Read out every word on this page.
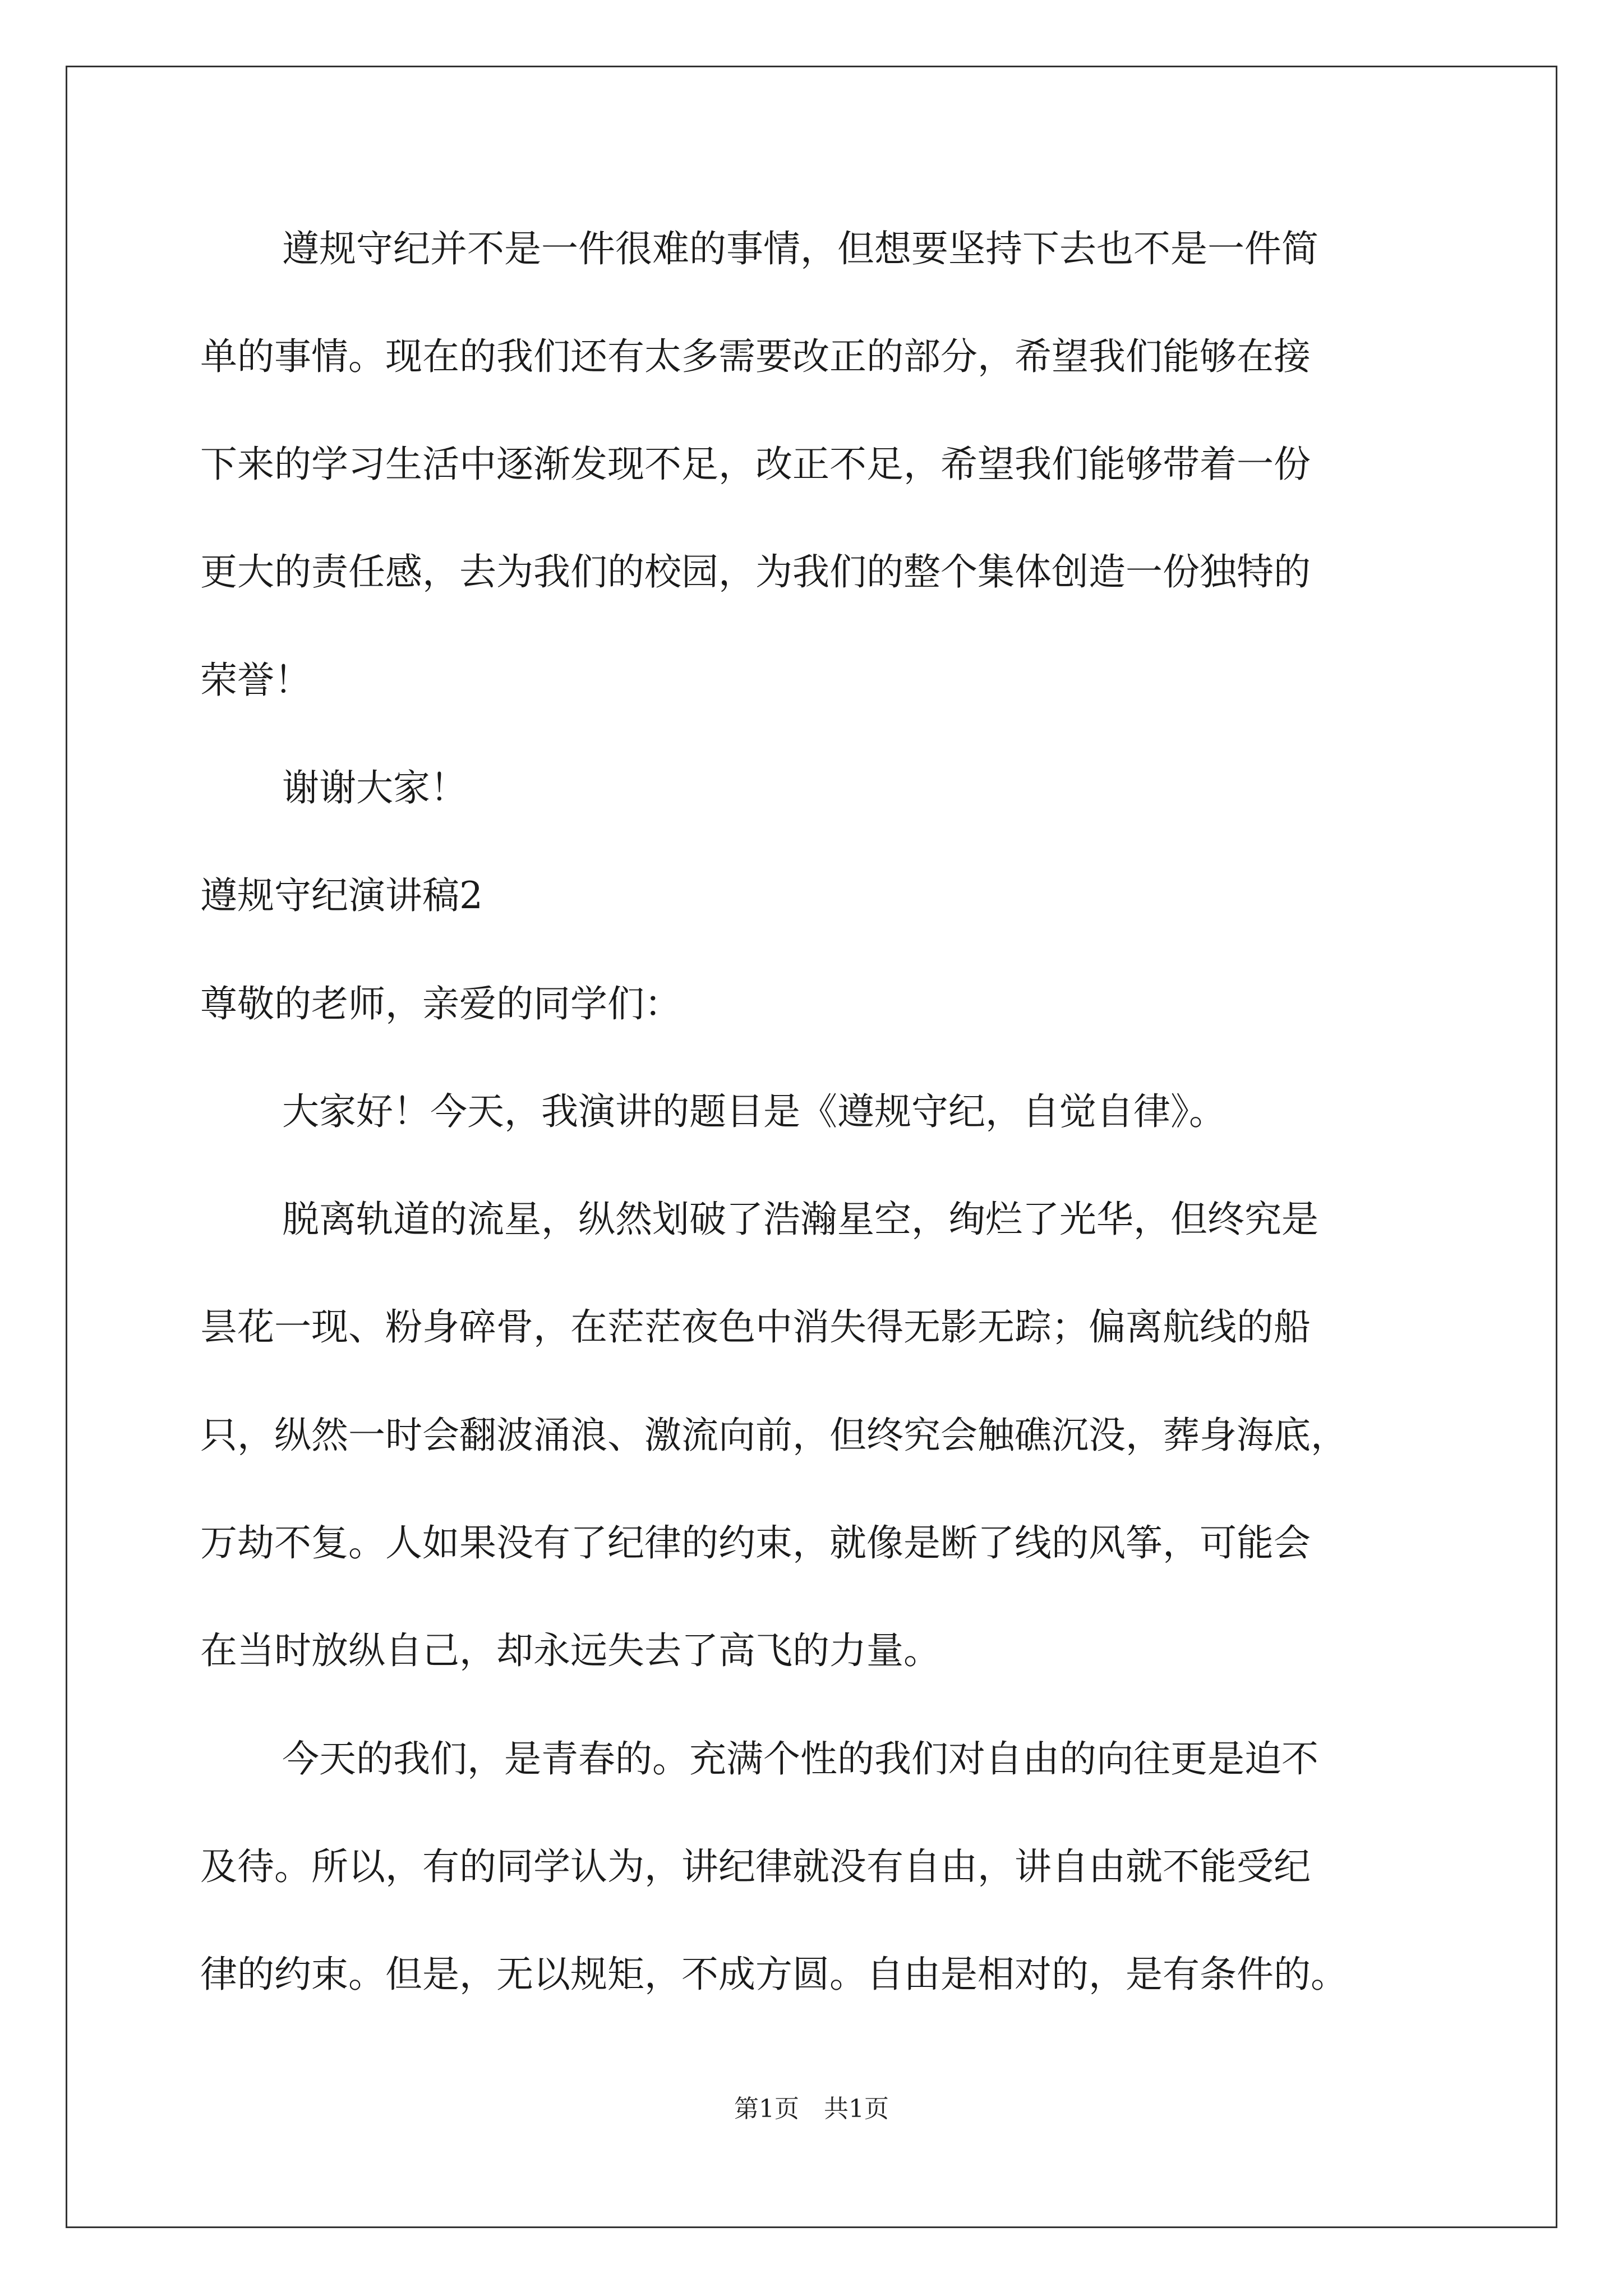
遵规守纪并不是一件很难的事情，但想要坚持下去也不是一件简
单的事情。现在的我们还有太多需要改正的部分，希望我们能够在接
下来的学习生活中逐渐发现不足，改正不足，希望我们能够带着一份
更大的责任感，去为我们的校园，为我们的整个集体创造一份独特的
荣誉！
谢谢大家！
遵规守纪演讲稿2
尊敬的老师，亲爱的同学们：
大家好！今天，我演讲的题目是《遵规守纪，自觉自律》。
脱离轨道的流星，纵然划破了浩瀚星空，绚烂了光华，但终究是
昙花一现、粉身碎骨，在茫茫夜色中消失得无影无踪；偏离航线的船
只，纵然一时会翻波涌浪、激流向前，但终究会触礁沉没，葬身海底，
万劫不复。人如果没有了纪律的约束，就像是断了线的风筝，可能会
在当时放纵自己，却永远失去了高飞的力量。
今天的我们，是青春的。充满个性的我们对自由的向往更是迫不
及待。所以，有的同学认为，讲纪律就没有自由，讲自由就不能受纪
律的约束。但是，无以规矩，不成方圆。自由是相对的，是有条件的。
第1页　共1页
